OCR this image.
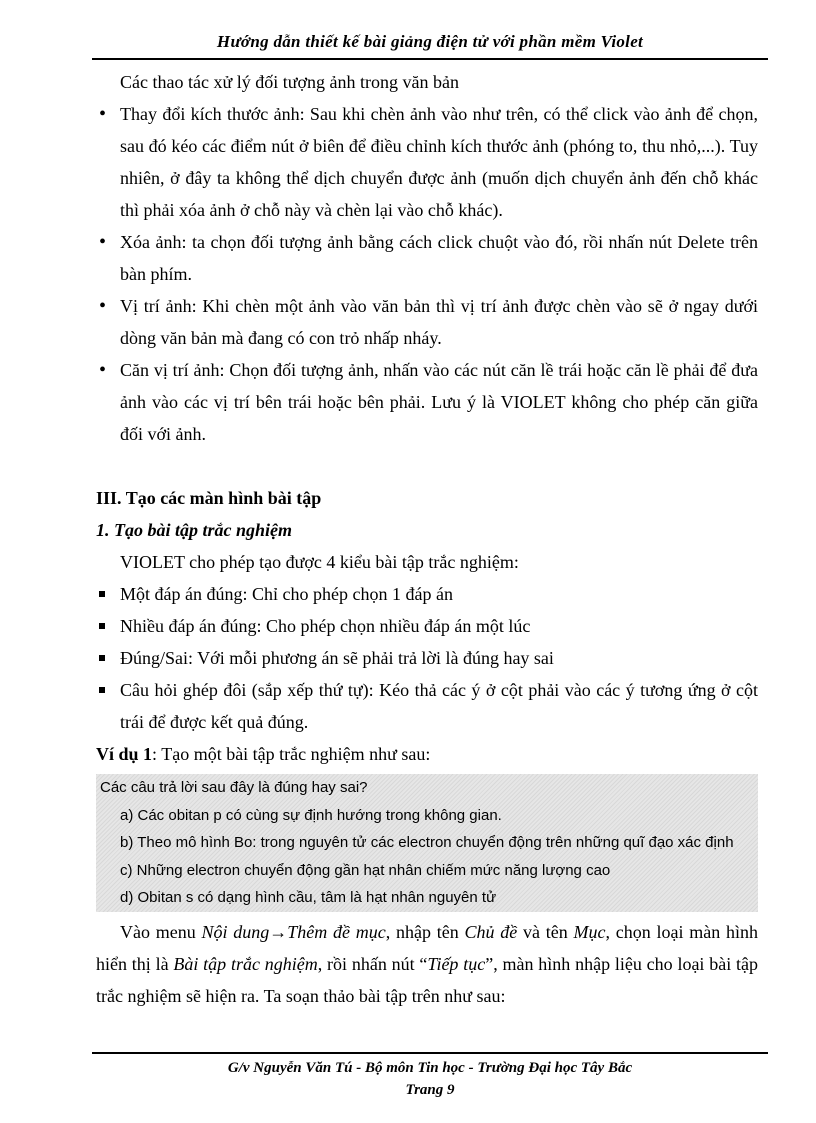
Hướng dẫn thiết kế bài giảng điện tử với phần mềm Violet

Các thao tác xử lý đối tượng ảnh trong văn bản

Thay đổi kích thước ảnh: Sau khi chèn ảnh vào như trên, có thể click vào ảnh để chọn, sau đó kéo các điểm nút ở biên để điều chỉnh kích thước ảnh (phóng to, thu nhỏ,...). Tuy nhiên, ở đây ta không thể dịch chuyển được ảnh (muốn dịch chuyển ảnh đến chỗ khác thì phải xóa ảnh ở chỗ này và chèn lại vào chỗ khác).

Xóa ảnh: ta chọn đối tượng ảnh bằng cách click chuột vào đó, rồi nhấn nút Delete trên bàn phím.

Vị trí ảnh: Khi chèn một ảnh vào văn bản thì vị trí ảnh được chèn vào sẽ ở ngay dưới dòng văn bản mà đang có con trỏ nhấp nháy.

Căn vị trí ảnh: Chọn đối tượng ảnh, nhấn vào các nút căn lề trái hoặc căn lề phải để đưa ảnh vào các vị trí bên trái hoặc bên phải. Lưu ý là VIOLET không cho phép căn giữa đối với ảnh.

III. Tạo các màn hình bài tập

1. Tạo bài tập trắc nghiệm

VIOLET cho phép tạo được 4 kiểu bài tập trắc nghiệm:

Một đáp án đúng: Chỉ cho phép chọn 1 đáp án

Nhiều đáp án đúng: Cho phép chọn nhiều đáp án một lúc

Đúng/Sai: Với mỗi phương án sẽ phải trả lời là đúng hay sai

Câu hỏi ghép đôi (sắp xếp thứ tự): Kéo thả các ý ở cột phải vào các ý tương ứng ở cột trái để được kết quả đúng.

Ví dụ 1: Tạo một bài tập trắc nghiệm như sau:

Các câu trả lời sau đây là đúng hay sai?
a) Các obitan p có cùng sự định hướng trong không gian.
b) Theo mô hình Bo: trong nguyên tử các electron chuyển động trên những quĩ đạo xác định
c) Những electron chuyển động gần hạt nhân chiếm mức năng lượng cao
d) Obitan s có dạng hình cầu, tâm là hạt nhân nguyên tử

Vào menu Nội dung→Thêm đề mục, nhập tên Chủ đề và tên Mục, chọn loại màn hình hiển thị là Bài tập trắc nghiệm, rồi nhấn nút “Tiếp tục”, màn hình nhập liệu cho loại bài tập trắc nghiệm sẽ hiện ra. Ta soạn thảo bài tập trên như sau:

G/v Nguyễn Văn Tú - Bộ môn Tin học - Trường Đại học Tây Bắc
Trang 9
